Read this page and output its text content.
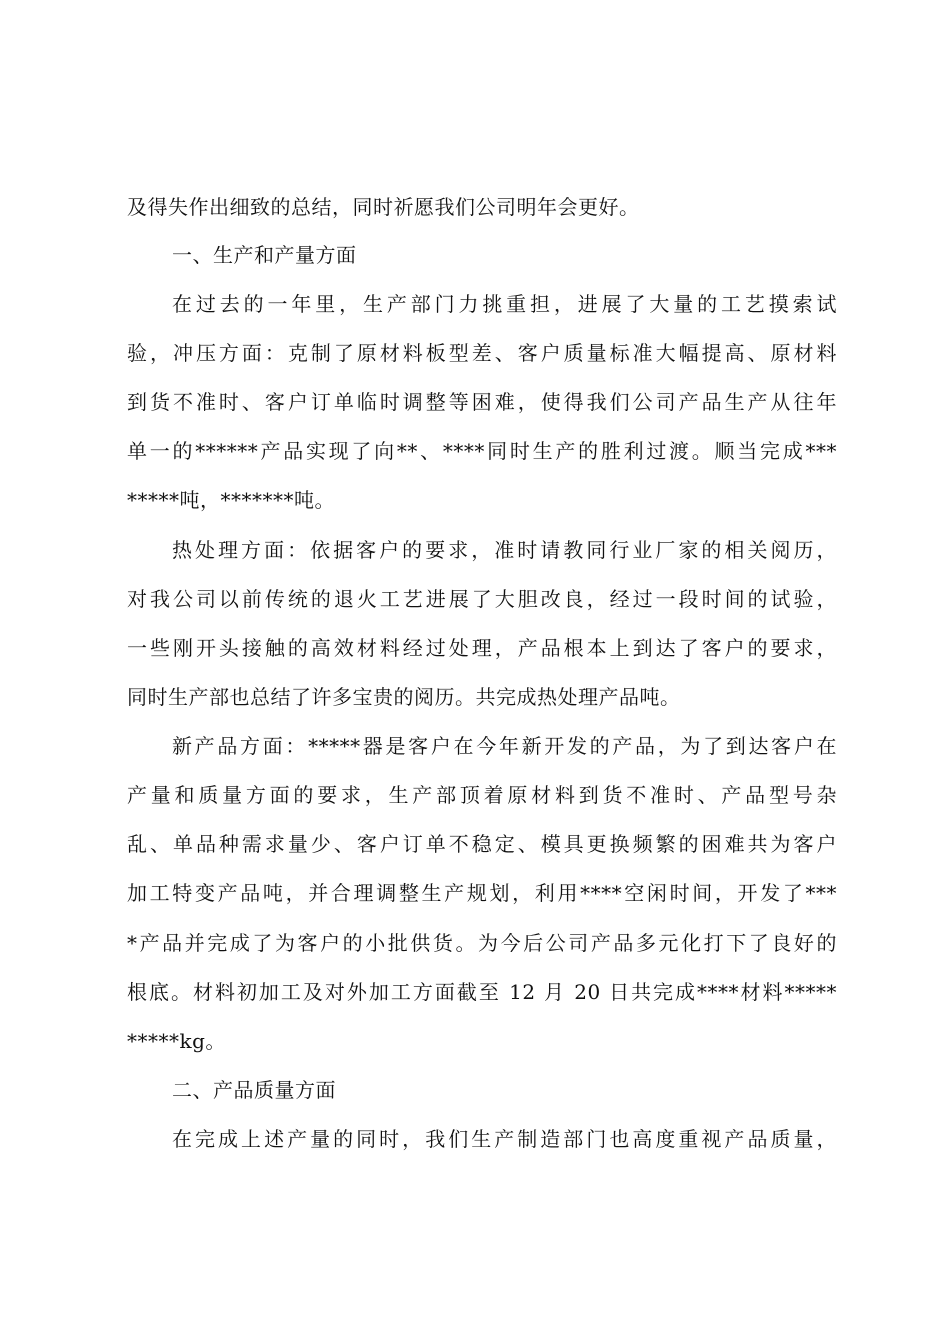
及得失作出细致的总结，同时祈愿我们公司明年会更好。
一、生产和产量方面
在过去的一年里，生产部门力挑重担，进展了大量的工艺摸索试
验，冲压方面：克制了原材料板型差、客户质量标准大幅提高、原材料
到货不准时、客户订单临时调整等困难，使得我们公司产品生产从往年
单一的******产品实现了向**、****同时生产的胜利过渡。顺当完成***
*****吨，*******吨。
热处理方面：依据客户的要求，准时请教同行业厂家的相关阅历，
对我公司以前传统的退火工艺进展了大胆改良，经过一段时间的试验，
一些刚开头接触的高效材料经过处理，产品根本上到达了客户的要求，
同时生产部也总结了许多宝贵的阅历。共完成热处理产品吨。
新产品方面：*****器是客户在今年新开发的产品，为了到达客户在
产量和质量方面的要求，生产部顶着原材料到货不准时、产品型号杂
乱、单品种需求量少、客户订单不稳定、模具更换频繁的困难共为客户
加工特变产品吨，并合理调整生产规划，利用****空闲时间，开发了***
*产品并完成了为客户的小批供货。为今后公司产品多元化打下了良好的
根底。材料初加工及对外加工方面截至 12 月 20 日共完成****材料*****
*****kg。
二、产品质量方面
在完成上述产量的同时，我们生产制造部门也高度重视产品质量，
